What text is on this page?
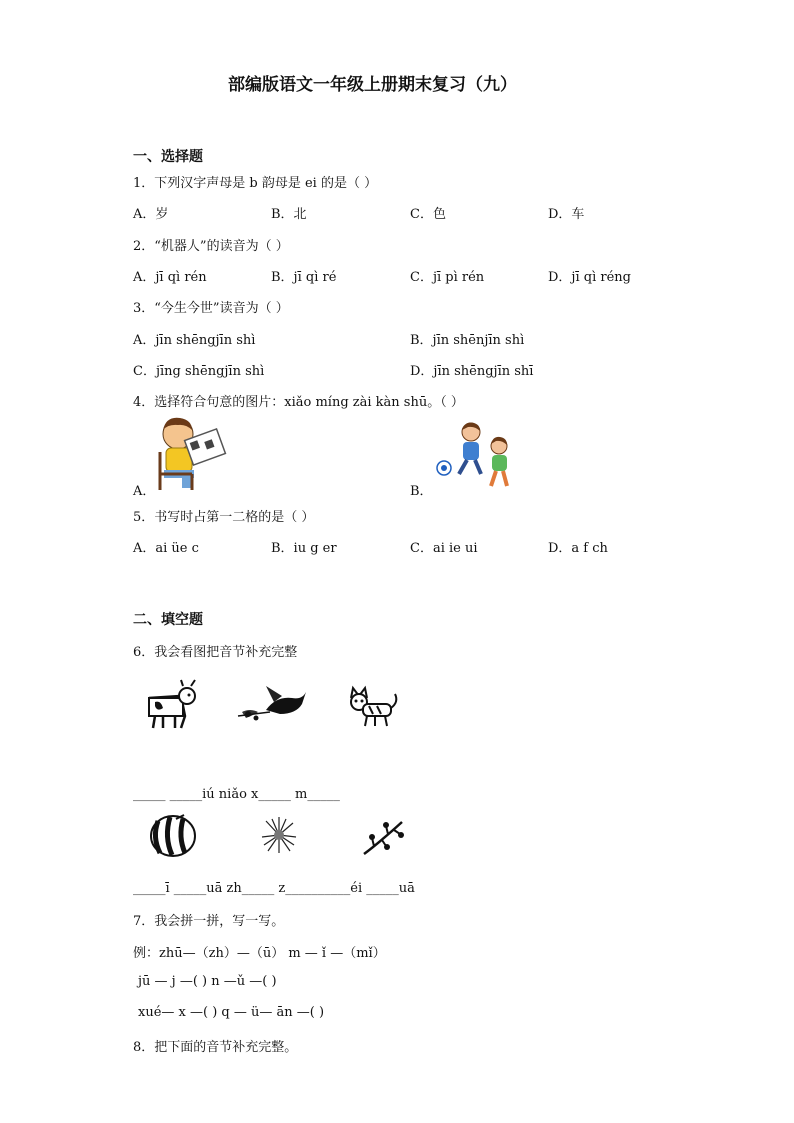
部编版语文一年级上册期末复习（九）
一、选择题
1．下列汉字声母是 b 韵母是 ei 的是（ ）
A．岁	B．北	C．色	D．车
2．“机器人”的读音为（ ）
A．jī qì rén	B．jī qì ré	C．jī pì rén	D．jī qì réng
3．“今生今世”读音为（ ）
A．jīn shēngjīn shì	B．jīn shēnjīn shì
C．jīng shēngjīn shì	D．jīn shēngjīn shī
4．选择符合句意的图片：xiǎo míng zài kàn shū。（ ）
A．	B．
5．书写时占第一二格的是（ ）
A．ai üe c	B．iu g er	C．ai ie ui	D．a f ch
二、填空题
6．我会看图把音节补充完整
_____ _____iú niǎo x_____ m_____
_____ī _____uā zh_____ z__________éi _____uā
7．我会拼一拼，写一写。
例：zhū—（zh）—（ū） m — ǐ —（mǐ）
jū — j —( ) n —ǔ —( )
xué— x —( ) q — ü— ān —( )
8．把下面的音节补充完整。
